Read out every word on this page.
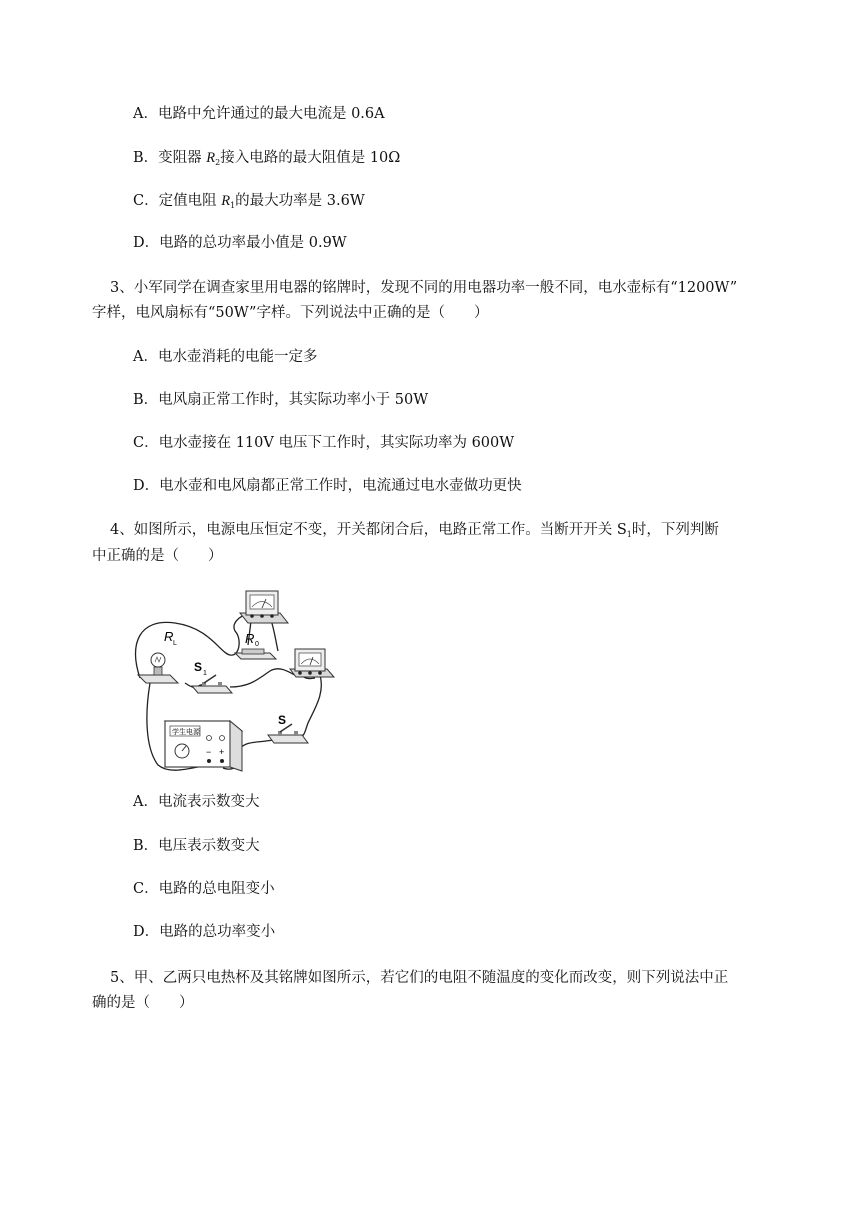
A．电路中允许通过的最大电流是 0.6A
B．变阻器 $R_2$接入电路的最大阻值是 10Ω
C．定值电阻 $R_1$的最大功率是 3.6W
D．电路的总功率最小值是 0.9W
3、小军同学在调查家里用电器的铭牌时，发现不同的用电器功率一般不同，电水壶标有“1200W”
字样，电风扇标有“50W”字样。下列说法中正确的是（　　）
A．电水壶消耗的电能一定多
B．电风扇正常工作时，其实际功率小于 50W
C．电水壶接在 110V 电压下工作时，其实际功率为 600W
D．电水壶和电风扇都正常工作时，电流通过电水壶做功更快
4、如图所示，电源电压恒定不变，开关都闭合后，电路正常工作。当断开开关 $S_1$时，下列判断
中正确的是（　　）
R 0
R L
S 1
S
学生电源
− +
A．电流表示数变大
B．电压表示数变大
C．电路的总电阻变小
D．电路的总功率变小
5、甲、乙两只电热杯及其铭牌如图所示，若它们的电阻不随温度的变化而改变，则下列说法中正
确的是（　　）
